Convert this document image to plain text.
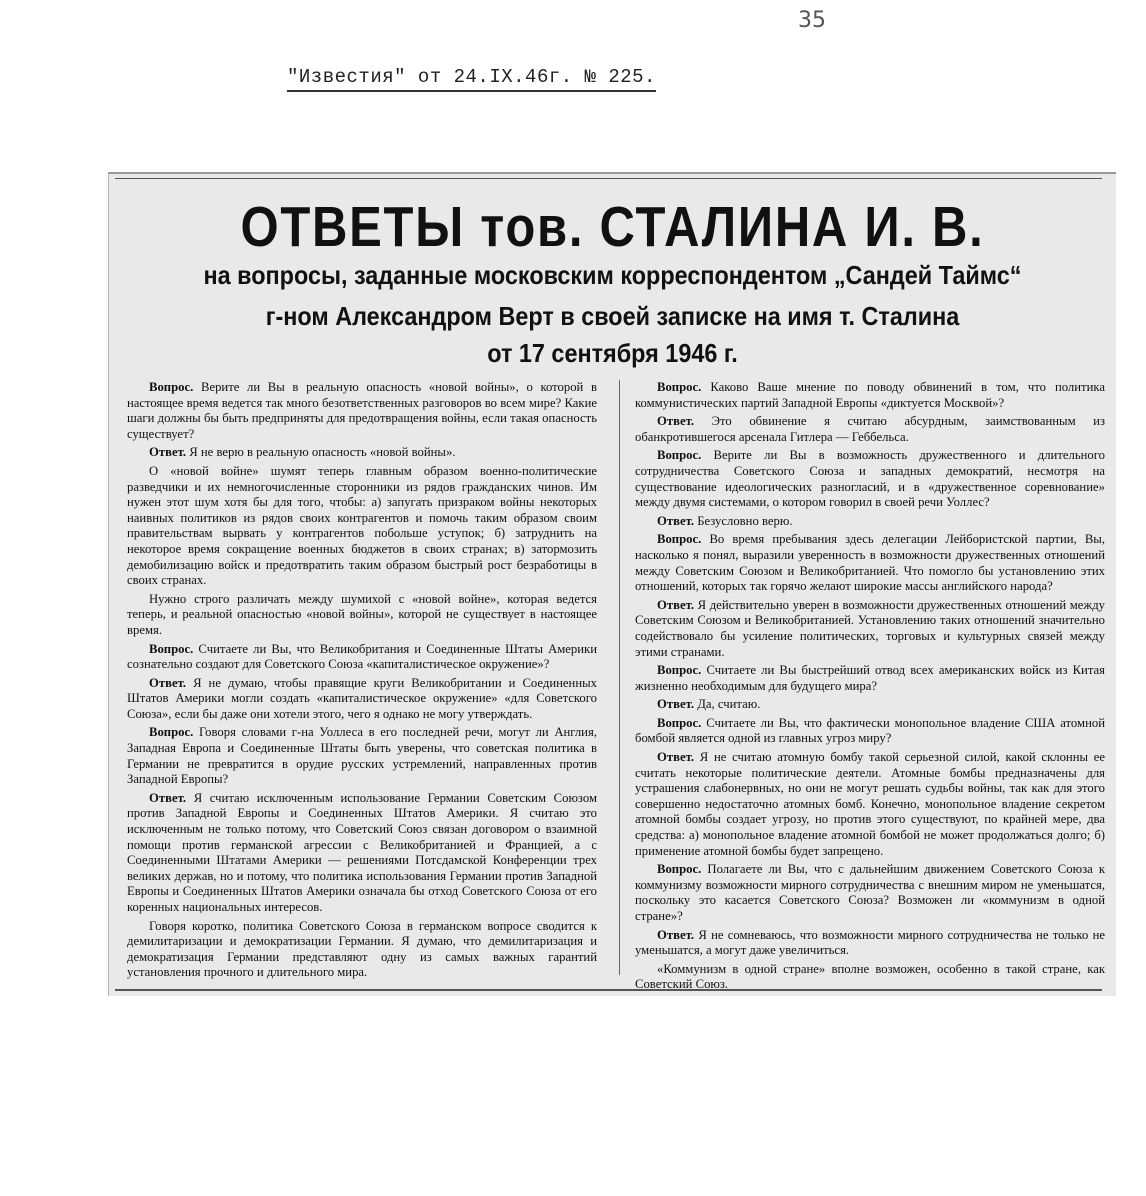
35
"Известия" от 24.IX.46г. № 225.
ОТВЕТЫ тов. СТАЛИНА И. В.
на вопросы, заданные московским корреспондентом „Сандей Таймс“
г-ном Александром Верт в своей записке на имя т. Сталина
от 17 сентября 1946 г.

Вопрос. Верите ли Вы в реальную опасность «новой войны», о которой в настоящее время ведется так много безответственных разговоров во всем мире? Какие шаги должны бы быть предприняты для предотвращения войны, если такая опасность существует?

Ответ. Я не верю в реальную опасность «новой войны».

О «новой войне» шумят теперь главным образом военно-политические разведчики и их немногочисленные сторонники из рядов гражданских чинов. Им нужен этот шум хотя бы для того, чтобы: а) запугать призраком войны некоторых наивных политиков из рядов своих контрагентов и помочь таким образом своим правительствам вырвать у контрагентов побольше уступок; б) затруднить на некоторое время сокращение военных бюджетов в своих странах; в) затормозить демобилизацию войск и предотвратить таким образом быстрый рост безработицы в своих странах.

Нужно строго различать между шумихой с «новой войне», которая ведется теперь, и реальной опасностью «новой войны», которой не существует в настоящее время.

Вопрос. Считаете ли Вы, что Великобритания и Соединенные Штаты Америки сознательно создают для Советского Союза «капиталистическое окружение»?

Ответ. Я не думаю, чтобы правящие круги Великобритании и Соединенных Штатов Америки могли создать «капиталистическое окружение» «для Советского Союза», если бы даже они хотели этого, чего я однако не могу утверждать.

Вопрос. Говоря словами г-на Уоллеса в его последней речи, могут ли Англия, Западная Европа и Соединенные Штаты быть уверены, что советская политика в Германии не превратится в орудие русских устремлений, направленных против Западной Европы?

Ответ. Я считаю исключенным использование Германии Советским Союзом против Западной Европы и Соединенных Штатов Америки. Я считаю это исключенным не только потому, что Советский Союз связан договором о взаимной помощи против германской агрессии с Великобританией и Францией, а с Соединенными Штатами Америки — решениями Потсдамской Конференции трех великих держав, но и потому, что политика использования Германии против Западной Европы и Соединенных Штатов Америки означала бы отход Советского Союза от его коренных национальных интересов.

Говоря коротко, политика Советского Союза в германском вопросе сводится к демилитаризации и демократизации Германии. Я думаю, что демилитаризация и демократизация Германии представляют одну из самых важных гарантий установления прочного и длительного мира.

Вопрос. Каково Ваше мнение по поводу обвинений в том, что политика коммунистических партий Западной Европы «диктуется Москвой»?

Ответ. Это обвинение я считаю абсурдным, заимствованным из обанкротившегося арсенала Гитлера — Геббельса.

Вопрос. Верите ли Вы в возможность дружественного и длительного сотрудничества Советского Союза и западных демократий, несмотря на существование идеологических разногласий, и в «дружественное соревнование» между двумя системами, о котором говорил в своей речи Уоллес?

Ответ. Безусловно верю.

Вопрос. Во время пребывания здесь делегации Лейбористской партии, Вы, насколько я понял, выразили уверенность в возможности дружественных отношений между Советским Союзом и Великобританией. Что помогло бы установлению этих отношений, которых так горячо желают широкие массы английского народа?

Ответ. Я действительно уверен в возможности дружественных отношений между Советским Союзом и Великобританией. Установлению таких отношений значительно содействовало бы усиление политических, торговых и культурных связей между этими странами.

Вопрос. Считаете ли Вы быстрейший отвод всех американских войск из Китая жизненно необходимым для будущего мира?

Ответ. Да, считаю.

Вопрос. Считаете ли Вы, что фактически монопольное владение США атомной бомбой является одной из главных угроз миру?

Ответ. Я не считаю атомную бомбу такой серьезной силой, какой склонны ее считать некоторые политические деятели. Атомные бомбы предназначены для устрашения слабонервных, но они не могут решать судьбы войны, так как для этого совершенно недостаточно атомных бомб. Конечно, монопольное владение секретом атомной бомбы создает угрозу, но против этого существуют, по крайней мере, два средства: а) монопольное владение атомной бомбой не может продолжаться долго; б) применение атомной бомбы будет запрещено.

Вопрос. Полагаете ли Вы, что с дальнейшим движением Советского Союза к коммунизму возможности мирного сотрудничества с внешним миром не уменьшатся, поскольку это касается Советского Союза? Возможен ли «коммунизм в одной стране»?

Ответ. Я не сомневаюсь, что возможности мирного сотрудничества не только не уменьшатся, а могут даже увеличиться.

«Коммунизм в одной стране» вполне возможен, особенно в такой стране, как Советский Союз.
